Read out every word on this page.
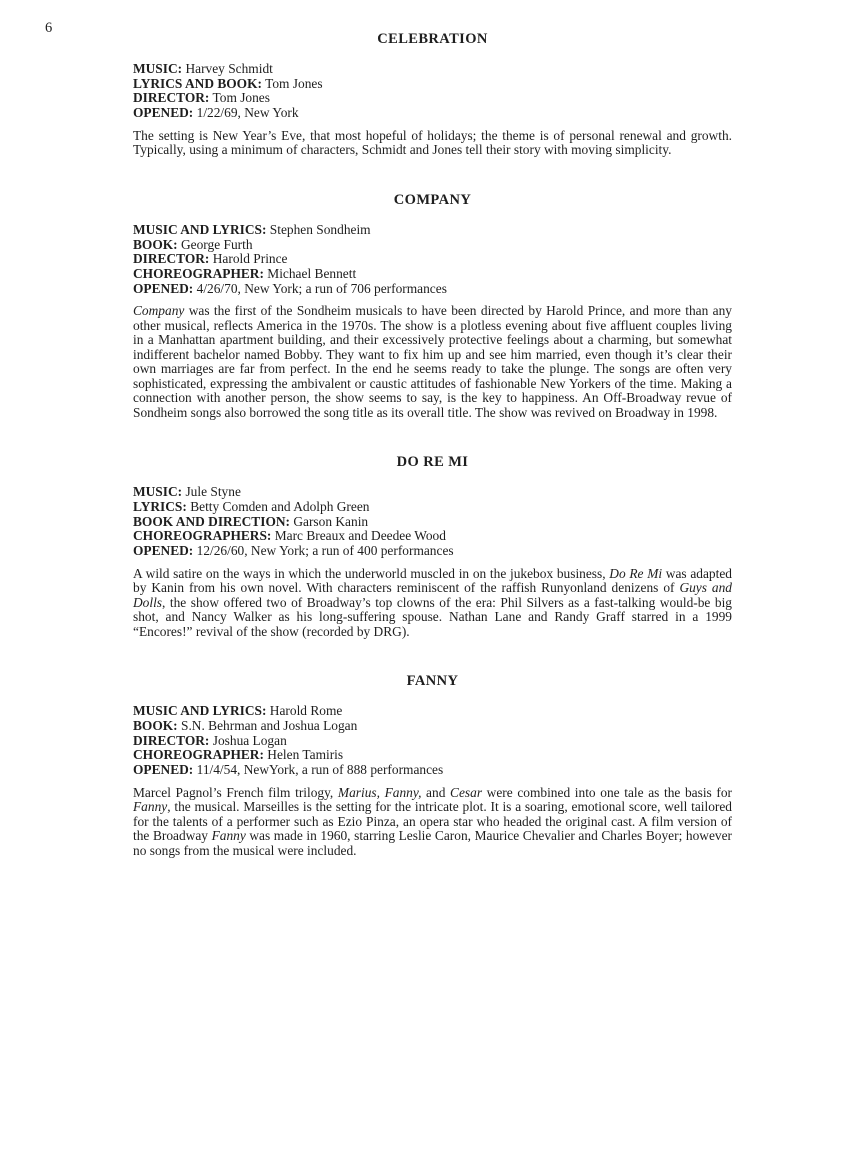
6
CELEBRATION
MUSIC: Harvey Schmidt
LYRICS AND BOOK: Tom Jones
DIRECTOR: Tom Jones
OPENED: 1/22/69, New York

The setting is New Year’s Eve, that most hopeful of holidays; the theme is of personal renewal and growth. Typically, using a minimum of characters, Schmidt and Jones tell their story with moving simplicity.

COMPANY
MUSIC AND LYRICS: Stephen Sondheim
BOOK: George Furth
DIRECTOR: Harold Prince
CHOREOGRAPHER: Michael Bennett
OPENED: 4/26/70, New York; a run of 706 performances

Company was the first of the Sondheim musicals to have been directed by Harold Prince, and more than any other musical, reflects America in the 1970s. The show is a plotless evening about five affluent couples living in a Manhattan apartment building, and their excessively protective feelings about a charming, but somewhat indifferent bachelor named Bobby. They want to fix him up and see him married, even though it’s clear their own marriages are far from perfect. In the end he seems ready to take the plunge. The songs are often very sophisticated, expressing the ambivalent or caustic attitudes of fashionable New Yorkers of the time. Making a connection with another person, the show seems to say, is the key to happiness. An Off-Broadway revue of Sondheim songs also borrowed the song title as its overall title. The show was revived on Broadway in 1998.

DO RE MI
MUSIC: Jule Styne
LYRICS: Betty Comden and Adolph Green
BOOK AND DIRECTION: Garson Kanin
CHOREOGRAPHERS: Marc Breaux and Deedee Wood
OPENED: 12/26/60, New York; a run of 400 performances

A wild satire on the ways in which the underworld muscled in on the jukebox business, Do Re Mi was adapted by Kanin from his own novel. With characters reminiscent of the raffish Runyonland denizens of Guys and Dolls, the show offered two of Broadway’s top clowns of the era: Phil Silvers as a fast-talking would-be big shot, and Nancy Walker as his long-suffering spouse. Nathan Lane and Randy Graff starred in a 1999 “Encores!” revival of the show (recorded by DRG).

FANNY
MUSIC AND LYRICS: Harold Rome
BOOK: S.N. Behrman and Joshua Logan
DIRECTOR: Joshua Logan
CHOREOGRAPHER: Helen Tamiris
OPENED: 11/4/54, NewYork, a run of 888 performances

Marcel Pagnol’s French film trilogy, Marius, Fanny, and Cesar were combined into one tale as the basis for Fanny, the musical. Marseilles is the setting for the intricate plot. It is a soaring, emotional score, well tailored for the talents of a performer such as Ezio Pinza, an opera star who headed the original cast. A film version of the Broadway Fanny was made in 1960, starring Leslie Caron, Maurice Chevalier and Charles Boyer; however no songs from the musical were included.
